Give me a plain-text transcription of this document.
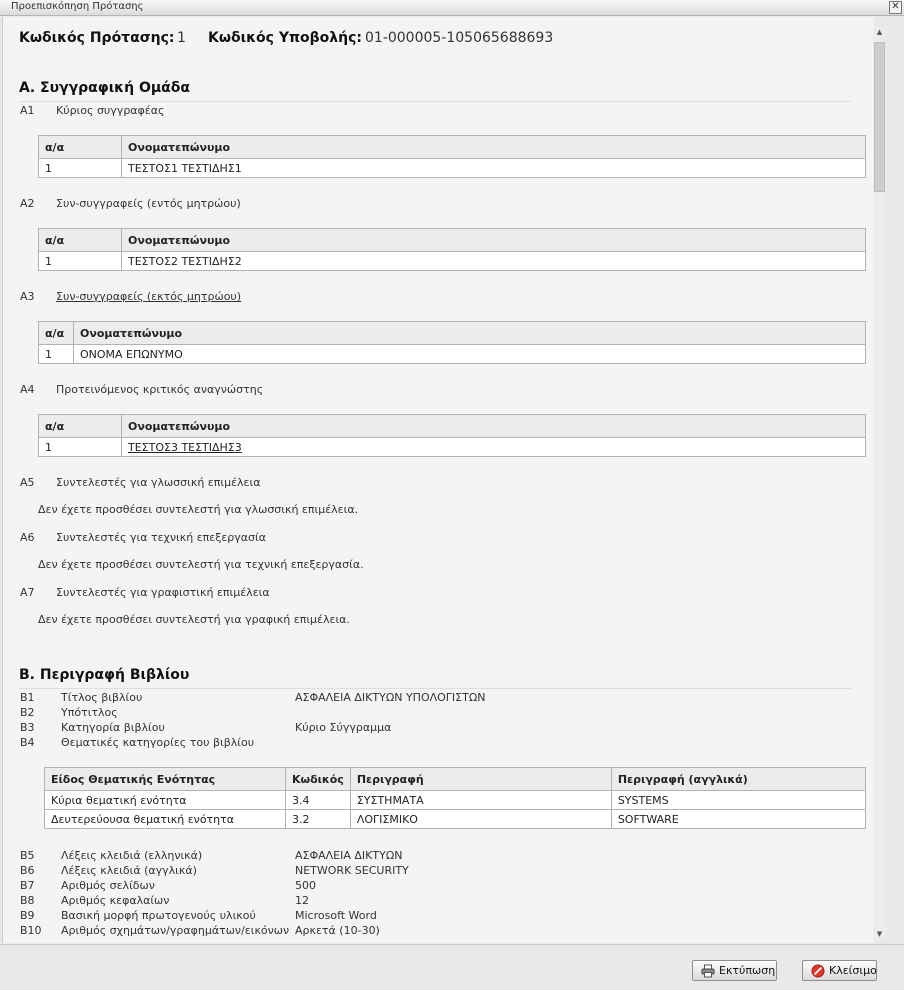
Προεπισκόπηση Πρότασης	✕
Κωδικός Πρότασης: 1 Κωδικός Υποβολής: 01-000005-105065688693
Α. Συγγραφική Ομάδα
Α1 Κύριος συγγραφέας
α/α	Ονοματεπώνυμο
1	ΤΕΣΤΟΣ1 ΤΕΣΤΙΔΗΣ1
Α2 Συν-συγγραφείς (εντός μητρώου)
α/α	Ονοματεπώνυμο
1	ΤΕΣΤΟΣ2 ΤΕΣΤΙΔΗΣ2
Α3 Συν-συγγραφείς (εκτός μητρώου)
α/α	Ονοματεπώνυμο
1	ΟΝΟΜΑ ΕΠΩΝΥΜΟ
Α4 Προτεινόμενος κριτικός αναγνώστης
α/α	Ονοματεπώνυμο
1	ΤΕΣΤΟΣ3 ΤΕΣΤΙΔΗΣ3
Α5 Συντελεστές για γλωσσική επιμέλεια
Δεν έχετε προσθέσει συντελεστή για γλωσσική επιμέλεια.
Α6 Συντελεστές για τεχνική επεξεργασία
Δεν έχετε προσθέσει συντελεστή για τεχνική επεξεργασία.
Α7 Συντελεστές για γραφιστική επιμέλεια
Δεν έχετε προσθέσει συντελεστή για γραφική επιμέλεια.
Β. Περιγραφή Βιβλίου
Β1 Τίτλος βιβλίου	ΑΣΦΑΛΕΙΑ ΔΙΚΤΥΩΝ ΥΠΟΛΟΓΙΣΤΩΝ
Β2 Υπότιτλος
Β3 Κατηγορία βιβλίου	Κύριο Σύγγραμμα
Β4 Θεματικές κατηγορίες του βιβλίου
Είδος Θεματικής Ενότητας	Κωδικός	Περιγραφή	Περιγραφή (αγγλικά)
Κύρια θεματική ενότητα	3.4	ΣΥΣΤΗΜΑΤΑ	SYSTEMS
Δευτερεύουσα θεματική ενότητα	3.2	ΛΟΓΙΣΜΙΚΟ	SOFTWARE
Β5 Λέξεις κλειδιά (ελληνικά)	ΑΣΦΑΛΕΙΑ ΔΙΚΤΥΩΝ
Β6 Λέξεις κλειδιά (αγγλικά)	NETWORK SECURITY
Β7 Αριθμός σελίδων	500
Β8 Αριθμός κεφαλαίων	12
Β9 Βασική μορφή πρωτογενούς υλικού	Microsoft Word
Β10 Αριθμός σχημάτων/γραφημάτων/εικόνων Αρκετά (10-30)
▲
▼
Εκτύπωση	Κλείσιμο
